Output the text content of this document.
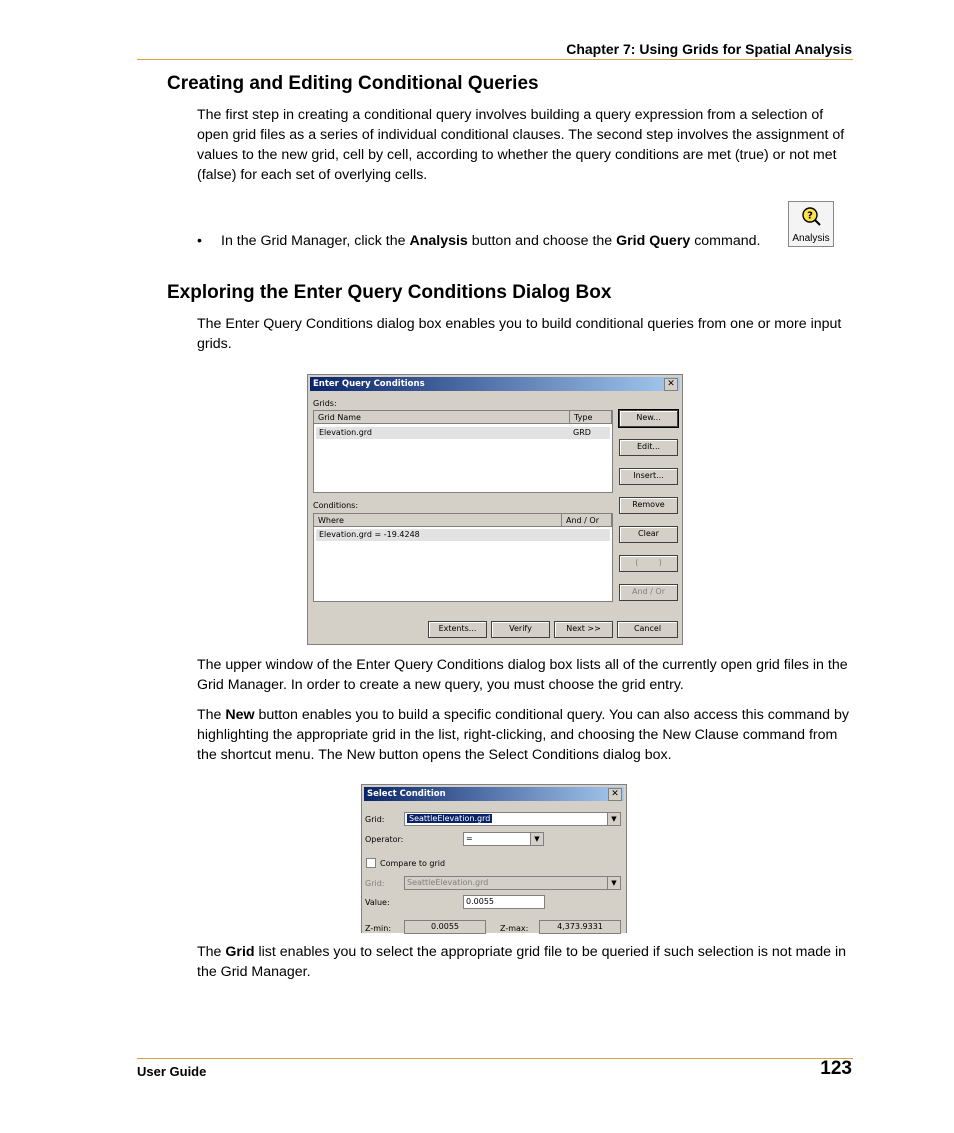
Chapter 7: Using Grids for Spatial Analysis
Creating and Editing Conditional Queries

The first step in creating a conditional query involves building a query expression from a selection of open grid files as a series of individual conditional clauses. The second step involves the assignment of values to the new grid, cell by cell, according to whether the query conditions are met (true) or not met (false) for each set of overlying cells.

• In the Grid Manager, click the Analysis button and choose the Grid Query command.
?
Analysis
Exploring the Enter Query Conditions Dialog Box

The Enter Query Conditions dialog box enables you to build conditional queries from one or more input grids.

Enter Query Conditions	✕
Grids:
Grid Name	Type
Elevation.grd	GRD
Conditions:
Where	And / Or
Elevation.grd = -19.4248
New...
Edit...
Insert...
Remove
Clear
(        )
And / Or
Extents...	Verify	Next >>	Cancel

The upper window of the Enter Query Conditions dialog box lists all of the currently open grid files in the Grid Manager. In order to create a new query, you must choose the grid entry.

The New button enables you to build a specific conditional query. You can also access this command by highlighting the appropriate grid in the list, right-clicking, and choosing the New Clause command from the shortcut menu. The New button opens the Select Conditions dialog box.

Select Condition	✕
Grid:	SeattleElevation.grd	▼
Operator:	=	▼
Compare to grid
Grid:	SeattleElevation.grd	▼
Value:	0.0055
Z-min:	0.0055	Z-max:	4,373.9331

The Grid list enables you to select the appropriate grid file to be queried if such selection is not made in the Grid Manager.

User Guide	123
